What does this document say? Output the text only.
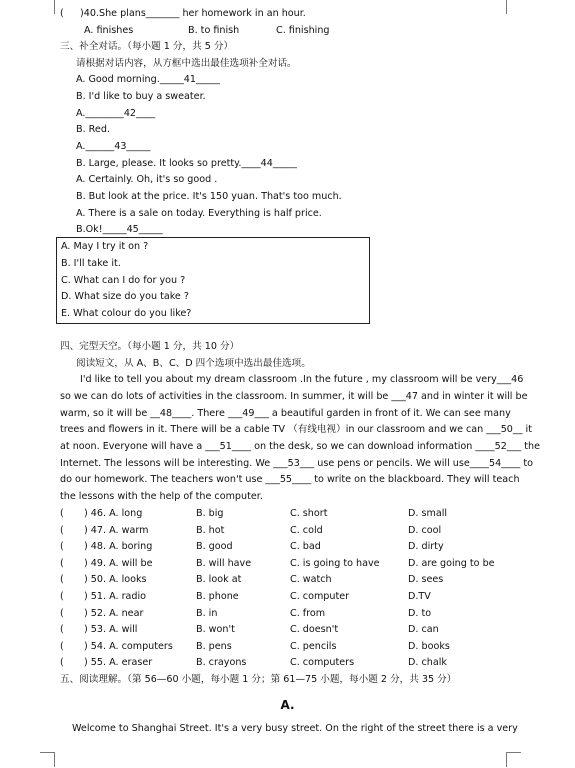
( )40.She plans_______ her homework in an hour.
A. finishes	B. to finish	C. finishing
三、补全对话。（每小题 1 分，共 5 分）
请根据对话内容，从方框中选出最佳选项补全对话。
A. Good morning._____41_____
B. I'd like to buy a sweater.
A.________42____
B. Red.
A.______43_____
B. Large, please. It looks so pretty.____44_____
A. Certainly. Oh, it's so good .
B. But look at the price. It's 150 yuan. That's too much.
A. There is a sale on today. Everything is half price.
B.Ok!_____45_____
A. May I try it on ?
B. I'll take it.
C. What can I do for you ?
D. What size do you take ?
E. What colour do you like?
四、完型天空。（每小题 1 分，共 10 分）
阅读短文，从 A、B、C、D 四个选项中选出最佳选项。
I'd like to tell you about my dream classroom .In the future , my classroom will be very___46
so we can do lots of activities in the classroom. In summer, it will be ___47 and in winter it will be
warm, so it will be __48____. There ___49___ a beautiful garden in front of it. We can see many
trees and flowers in it. There will be a cable TV （有线电视）in our classroom and we can ___50__ it
at noon. Everyone will have a ___51____ on the desk, so we can download information ____52___ the
Internet. The lessons will be interesting. We ___53___ use pens or pencils. We will use____54____ to
do our homework. The teachers won't use ___55____ to write on the blackboard. They will teach
the lessons with the help of the computer.
( ) 46. A. long	B. big	C. short	D. small
( ) 47. A. warm	B. hot	C. cold	D. cool
( ) 48. A. boring	B. good	C. bad	D. dirty
( ) 49. A. will be	B. will have	C. is going to have	D. are going to be
( ) 50. A. looks	B. look at	C. watch	D. sees
( ) 51. A. radio	B. phone	C. computer	D.TV
( ) 52. A. near	B. in	C. from	D. to
( ) 53. A. will	B. won't	C. doesn't	D. can
( ) 54. A. computers B. pens	C. pencils	D. books
( ) 55. A. eraser	B. crayons	C. computers	D. chalk
五、阅读理解。（第 56—60 小题，每小题 1 分；第 61—75 小题，每小题 2 分，共 35 分）
A.
Welcome to Shanghai Street. It's a very busy street. On the right of the street there is a very
